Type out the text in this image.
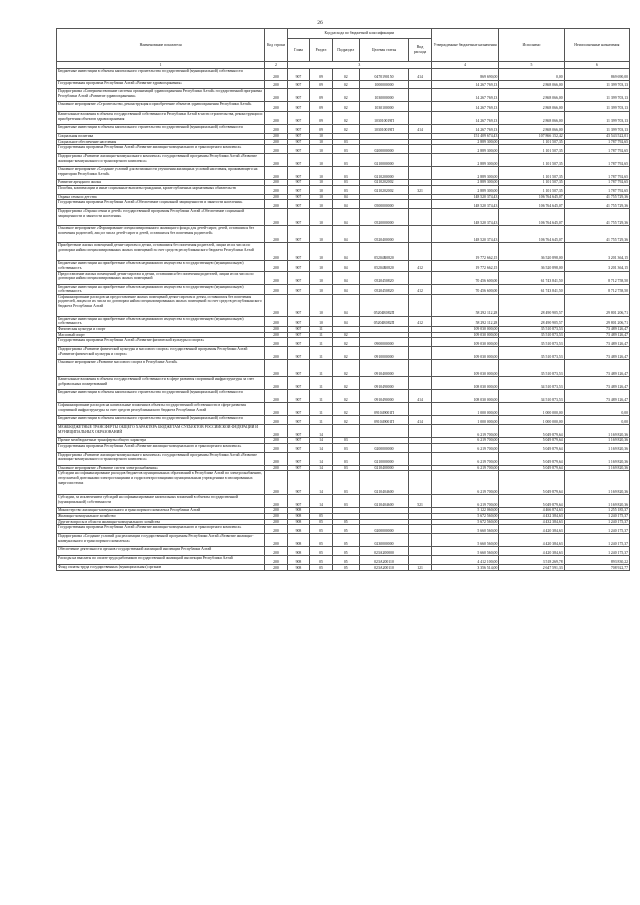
26
Наименование показателя	Код строки	Код расхода по бюджетной классификации					Утвержденные бюджетные назначения	Исполнено	Неисполненные назначения
		Глава	Раздел	Подраздел	Целевая статья	Вид расхода			
1	2	3					4	5	6
Бюджетные инвестиции в объекты капитального строительства государственной (муниципальной) собственности	200	907	09	02	0470190150	414	869 690,00	0,00	869 690,00
Государственная программа Республики Алтай «Развитие здравоохранения»	200	907	09	02	1000000000		14 267 769,13	2 868 066,00	11 399 703,13
Подпрограмма «Совершенствование системы организаций здравоохранения Республики Алтай» государственной программы Республики Алтай «Развитие здравоохранения»	200	907	09	02	1030000000		14 267 769,13	2 868 066,00	11 399 703,13
Основное мероприятие «Строительство, реконструкция и приобретение объектов здравоохранения Республики Алтай»	200	907	09	02	1030100000		14 267 769,13	2 868 066,00	11 399 703,13
Капитальные вложения в объекты государственной собственности Республики Алтай в части строительства, реконструкции и приобретения объектов здравоохранения	200	907	09	02	103010019П		14 267 769,13	2 868 066,00	11 399 703,13
Бюджетные инвестиции в объекты капитального строительства государственной (муниципальной) собственности	200	907	09	02	103010019П	414	14 267 769,13	2 868 066,00	11 399 703,13
Социальная политика	200	907	10				151 409 674,43	107 866 152,42	43 543 522,01
Социальное обеспечение населения	200	907	10	03			2 889 300,00	1 101 507,35	1 787 792,65
Государственная программа Республики Алтай «Развитие жилищно-коммунального и транспортного комплекса»	200	907	10	03	0200000000		2 889 300,00	1 101 507,35	1 787 792,65
Подпрограмма «Развитие жилищно-коммунального комплекса» государственной программы Республики Алтай «Развитие жилищно-коммунального и транспортного комплекса»	200	907	10	03	0210000000		2 889 300,00	1 101 507,35	1 787 792,65
Основное мероприятие «Создание условий для возможности улучшения жилищных условий населения, проживающего на территории Республики Алтай»	200	907	10	03	0210200000		2 889 300,00	1 101 507,35	1 787 792,65
Развитие арендного жилья	200	907	10	03	0210202002		2 889 300,00	1 101 507,35	1 787 792,65
Пособия, компенсации и иные социальные выплаты гражданам, кроме публичных нормативных обязательств	200	907	10	03	0210202002	321	2 889 300,00	1 101 507,35	1 787 792,65
Охрана семьи и детства	200	907	10	04			148 520 374,43	106 764 645,07	41 755 729,36
Государственная программа Республики Алтай «Обеспечение социальной защищенности и занятости населения»	200	907	10	04	0500000000		148 520 374,43	106 764 645,07	41 755 729,36
Подпрограмма «Охрана семьи и детей» государственной программы Республики Алтай «Обеспечение социальной защищенности и занятости населения»	200	907	10	04	0520000000		148 520 374,43	106 764 645,07	41 755 729,36
Основное мероприятие «Формирование специализированного жилищного фонда для детей-сирот, детей, оставшихся без попечения родителей, лиц из числа детей-сирот и детей, оставшихся без попечения родителей»	200	907	10	04	0520400000		148 520 374,43	106 764 645,07	41 755 729,36
Приобретение жилых помещений детям-сиротам и детям, оставшимся без попечения родителей, лицам из их числа по договорам найма специализированных жилых помещений за счет средств республиканского бюджета Республики Алтай	200	907	10	04	05204R0820		19 772 662,15	36 520 898,00	3 201 364,15
Бюджетные инвестиции на приобретение объектов недвижимого имущества в государственную (муниципальную) собственность	200	907	10	04	05204R0820	412	19 772 662,15	36 520 898,00	3 201 364,15
Предоставление жилых помещений детям-сиротам и детям, оставшимся без попечения родителей, лицам из их числа по договорам найма специализированных жилых помещений	200	907	10	04	0520450820		70 456 600,00	61 743 841,50	8 712 758,50
Бюджетные инвестиции на приобретение объектов недвижимого имущества в государственную (муниципальную) собственность	200	907	10	04	0520450820	412	70 456 600,00	61 743 841,50	8 712 758,50
Софинансирование расходов на предоставление жилых помещений детям-сиротам и детям, оставшимся без попечения родителей, лицам из их числа по договорам найма специализированных жилых помещений за счет средств республиканского бюджета Республики Алтай	200	907	10	04	05204R082П		58 292 112,28	28 490 905,57	29 801 206,71
Бюджетные инвестиции на приобретение объектов недвижимого имущества в государственную (муниципальную) собственность	200	907	10	04	05204R082П	412	58 292 112,28	28 490 905,57	29 801 206,71
Физическая культура и спорт	200	907	11				109 030 000,00	35 510 873,53	73 489 126,47
Массовый спорт	200	907	11	02			109 030 000,00	35 510 873,53	73 489 126,47
Государственная программа Республики Алтай «Развитие физической культуры и спорта»	200	907	11	02	0900000000		109 030 000,00	35 510 873,53	73 489 126,47
Подпрограмма «Развитие физической культуры и массового спорта» государственной программы Республики Алтай «Развитие физической культуры и спорта»	200	907	11	02	0910000000		109 030 000,00	35 510 873,53	73 489 126,47
Основное мероприятие «Развитие массового спорта в Республике Алтай»	200	907	11	02	0910400000		109 030 000,00	35 510 873,53	73 489 126,47
Капитальные вложения в объекты государственной собственности в сфере развития спортивной инфраструктуры за счет добровольных пожертвований	200	907	11	02	0910490000		108 030 000,00	34 510 873,53	73 489 126,47
Бюджетные инвестиции в объекты капитального строительства государственной (муниципальной) собственности	200	907	11	02	0910490000	414	108 030 000,00	34 510 873,53	73 489 126,47
Софинансирование расходов на капитальные вложения в объекты государственной собственности в сфере развития спортивной инфраструктуры за счет средств республиканского бюджета Республики Алтай	200	907	11	02	091049001П		1 000 000,00	1 000 000,00	0,00
Бюджетные инвестиции в объекты капитального строительства государственной (муниципальной) собственности	200	907	11	02	091049001П	414	1 000 000,00	1 000 000,00	0,00
МЕЖБЮДЖЕТНЫЕ ТРАНСФЕРТЫ ОБЩЕГО ХАРАКТЕРА БЮДЖЕТАМ СУБЪЕКТОВ РОССИЙСКОЙ ФЕДЕРАЦИИ И МУНИЦИПАЛЬНЫХ ОБРАЗОВАНИЙ	200	907	14				6 219 700,00	5 049 879,64	1 169 820,36
Прочие межбюджетные трансферты общего характера	200	907	14	03			6 219 700,00	5 049 879,64	1 169 820,36
Государственная программа Республики Алтай «Развитие жилищно-коммунального и транспортного комплекса»	200	907	14	03	0200000000		6 219 700,00	5 049 879,64	1 169 820,36
Подпрограмма «Развитие жилищно-коммунального комплекса» государственной программы Республики Алтай «Развитие жилищно-коммунального и транспортного комплекса»	200	907	14	03	0210000000		6 219 700,00	5 049 879,64	1 169 820,36
Основное мероприятие «Развитие систем электроснабжения»	200	907	14	03	0210400000		6 219 700,00	5 049 879,64	1 169 820,36
Субсидии на софинансирование расходов бюджетов муниципальных образований в Республике Алтай по электроснабжению, отпускаемой дизельными электростанциями и гидроэлектростанциями муниципальным учреждениям в изолированных энергосистемах	200	907	14	03	0210404600		6 219 700,00	5 049 879,64	1 169 820,36
Субсидии, за исключением субсидий на софинансирование капитальных вложений в объекты государственной (муниципальной) собственности	200	907	14	03	0210404600	521	6 219 700,00	5 049 879,64	1 169 820,36
Министерство жилищно-коммунального и транспортного комплекса Республики Алтай	200	908					5 122 060,00	4 466 874,63	1 255 185,37
Жилищно-коммунальное хозяйство	200	908	05				5 672 560,00	4 432 384,63	1 240 175,37
Другие вопросы в области жилищно-коммунального хозяйства	200	908	05	05			5 672 560,00	4 432 384,63	1 240 175,37
Государственная программа Республики Алтай «Развитие жилищно-коммунального и транспортного комплекса»	200	908	05	05	0200000000		5 660 560,00	4 420 384,63	1 240 175,37
Подпрограмма «Создание условий для реализации государственной программы Республики Алтай «Развитие жилищно-коммунального и транспортного комплекса»	200	908	05	05	0230000000		5 660 560,00	4 420 384,63	1 240 175,37
Обеспечение деятельности органов государственной жилищной инспекции Республики Алтай	200	908	05	05	023А200000		5 660 560,00	4 420 384,63	1 240 175,37
Расходы на выплаты по оплате труда работников государственной жилищной инспекции Республики Алтай	200	908	05	05	023А200110		4 412 100,00	3 518 269,78	893 830,22
Фонд оплаты труда государственных (муниципальных) органов	200	908	05	05	023А200110	121	3 356 514,00	2 647 591,33	708 922,77
